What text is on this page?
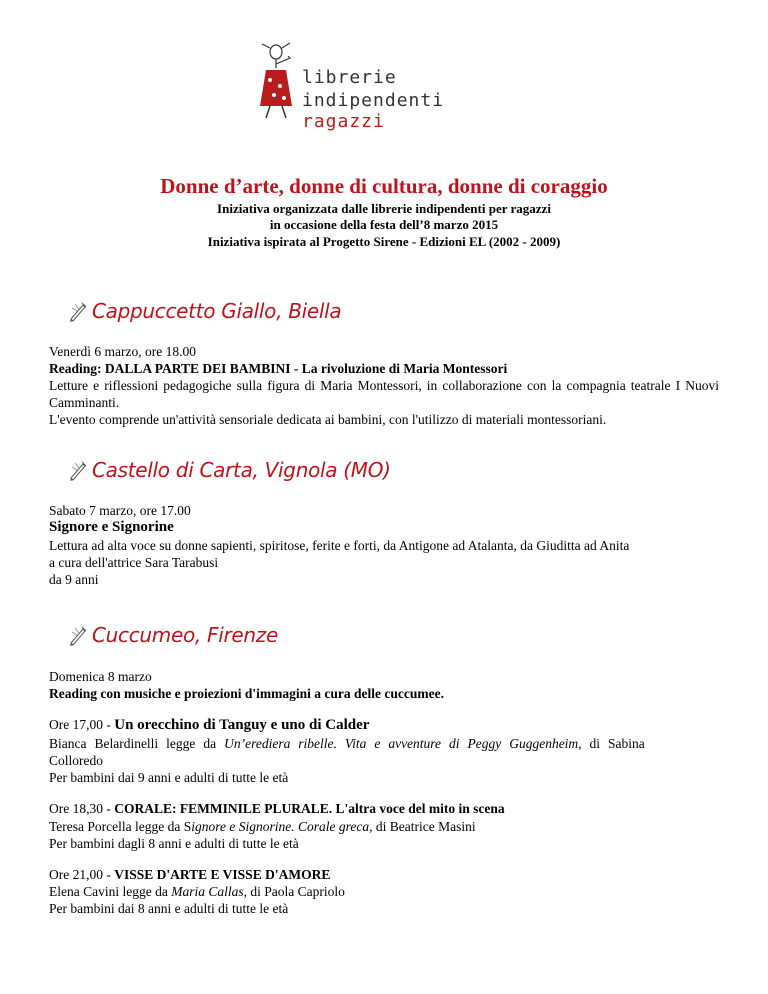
librerie
indipendenti ragazzi
Donne d’arte, donne di cultura, donne di coraggio
Iniziativa organizzata dalle librerie indipendenti per ragazzi
in occasione della festa dell’8 marzo 2015
Iniziativa ispirata al Progetto Sirene - Edizioni EL (2002 - 2009)
Cappuccetto Giallo, Biella
Venerdì 6 marzo, ore 18.00
Reading: DALLA PARTE DEI BAMBINI - La rivoluzione di Maria Montessori
Letture e riflessioni pedagogiche sulla figura di Maria Montessori, in collaborazione con la compagnia teatrale I Nuovi Camminanti.
L'evento comprende un'attività sensoriale dedicata ai bambini, con l'utilizzo di materiali montessoriani.
Castello di Carta, Vignola (MO)
Sabato 7 marzo, ore 17.00
Signore e Signorine
Lettura ad alta voce su donne sapienti, spiritose, ferite e forti, da Antigone ad Atalanta, da Giuditta ad Anita
a cura dell'attrice Sara Tarabusi
da 9 anni
Cuccumeo, Firenze
Domenica 8 marzo
Reading con musiche e proiezioni d'immagini a cura delle cuccumee.
Ore 17,00 - Un orecchino di Tanguy e uno di Calder
Bianca Belardinelli legge da Un’erediera ribelle. Vita e avventure di Peggy Guggenheim, di Sabina
Colloredo
Per bambini dai 9 anni e adulti di tutte le età
Ore 18,30 - CORALE: FEMMINILE PLURALE. L'altra voce del mito in scena
Teresa Porcella legge da Signore e Signorine. Corale greca, di Beatrice Masini
Per bambini dagli 8 anni e adulti di tutte le età
Ore 21,00 - VISSE D'ARTE E VISSE D'AMORE
Elena Cavini legge da Maria Callas, di Paola Capriolo
Per bambini dai 8 anni e adulti di tutte le età
